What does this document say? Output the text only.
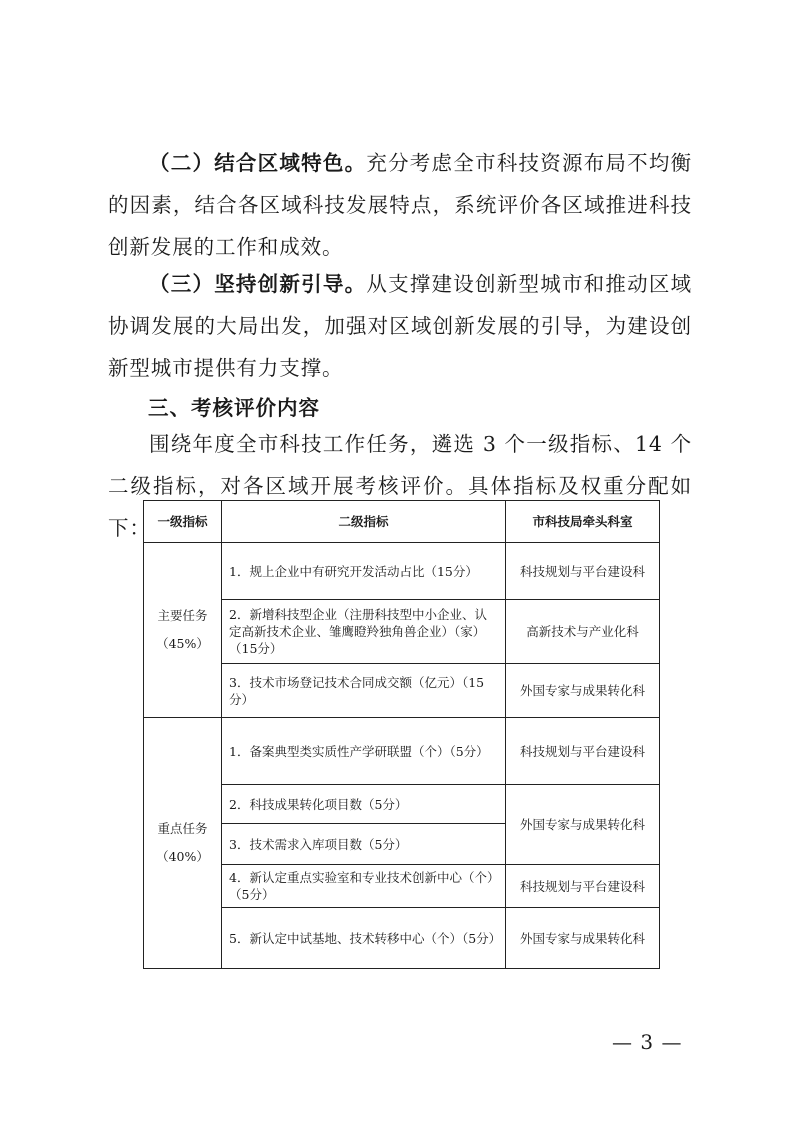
（二）结合区域特色。充分考虑全市科技资源布局不均衡的因素，结合各区域科技发展特点，系统评价各区域推进科技创新发展的工作和成效。
（三）坚持创新引导。从支撑建设创新型城市和推动区域协调发展的大局出发，加强对区域创新发展的引导，为建设创新型城市提供有力支撑。
三、考核评价内容
围绕年度全市科技工作任务，遴选 3 个一级指标、14 个二级指标，对各区域开展考核评价。具体指标及权重分配如下： 一级指标	二级指标	市科技局牵头科室

主要任务
（45%）	1．规上企业中有研究开发活动占比（15分）	科技规划与平台建设科
	2．新增科技型企业（注册科技型中小企业、认定高新技术企业、雏鹰瞪羚独角兽企业）（家）（15分）	高新技术与产业化科
	3．技术市场登记技术合同成交额（亿元）（15分）	外国专家与成果转化科

重点任务
（40%）	1．备案典型类实质性产学研联盟（个）（5分）	科技规划与平台建设科
	2．科技成果转化项目数（5分）	外国专家与成果转化科
	3．技术需求入库项目数（5分）	
	4．新认定重点实验室和专业技术创新中心（个）（5分）	科技规划与平台建设科
	5．新认定中试基地、技术转移中心（个）（5分）	外国专家与成果转化科
— 3 —
